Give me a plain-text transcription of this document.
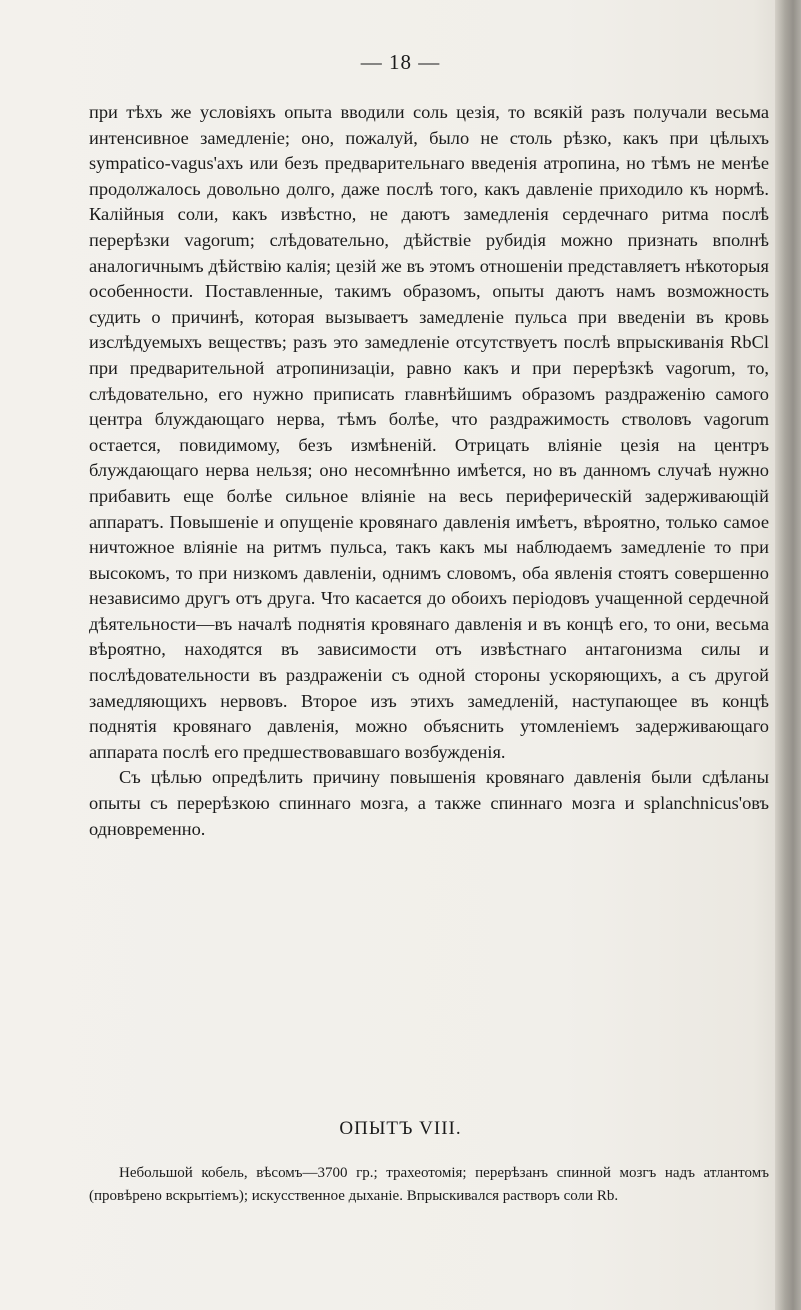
— 18 —

при тѣхъ же условіяхъ опыта вводили соль цезія, то всякій разъ получали весьма интенсивное замедленіе; оно, пожалуй, было не столь рѣзко, какъ при цѣлыхъ sympatico-vagus'ахъ или безъ предварительнаго введенія атропина, но тѣмъ не менѣе продолжалось довольно долго, даже послѣ того, какъ давленіе приходило къ нормѣ. Калійныя соли, какъ извѣстно, не даютъ замедленія сердечнаго ритма послѣ перерѣзки vagorum; слѣдовательно, дѣйствіе рубидія можно признать вполнѣ аналогичнымъ дѣйствію калія; цезій же въ этомъ отношеніи представляетъ нѣкоторыя особенности. Поставленные, такимъ образомъ, опыты даютъ намъ возможность судить о причинѣ, которая вызываетъ замедленіе пульса при введеніи въ кровь изслѣдуемыхъ веществъ; разъ это замедленіе отсутствуетъ послѣ впрыскиванія RbCl при предварительной атропинизаціи, равно какъ и при перерѣзкѣ vagorum, то, слѣдовательно, его нужно приписать главнѣйшимъ образомъ раздраженію самого центра блуждающаго нерва, тѣмъ болѣе, что раздражимость стволовъ vagorum остается, повидимому, безъ измѣненій. Отрицать вліяніе цезія на центръ блуждающаго нерва нельзя; оно несомнѣнно имѣется, но въ данномъ случаѣ нужно прибавить еще болѣе сильное вліяніе на весь периферическій задерживающій аппаратъ. Повышеніе и опущеніе кровянаго давленія имѣетъ, вѣроятно, только самое ничтожное вліяніе на ритмъ пульса, такъ какъ мы наблюдаемъ замедленіе то при высокомъ, то при низкомъ давленіи, однимъ словомъ, оба явленія стоятъ совершенно независимо другъ отъ друга. Что касается до обоихъ періодовъ учащенной сердечной дѣятельности—въ началѣ поднятія кровянаго давленія и въ концѣ его, то они, весьма вѣроятно, находятся въ зависимости отъ извѣстнаго антагонизма силы и послѣдовательности въ раздраженіи съ одной стороны ускоряющихъ, а съ другой замедляющихъ нервовъ. Второе изъ этихъ замедленій, наступающее въ концѣ поднятія кровянаго давленія, можно объяснить утомленіемъ задерживающаго аппарата послѣ его предшествовавшаго возбужденія.

Съ цѣлью опредѣлить причину повышенія кровянаго давленія были сдѣланы опыты съ перерѣзкою спиннаго мозга, а также спиннаго мозга и splanchnicus'овъ одновременно.

ОПЫТЪ VIII.

Небольшой кобель, вѣсомъ—3700 гр.; трахеотомія; перерѣзанъ спинной мозгъ надъ атлантомъ (провѣрено вскрытіемъ); искусственное дыханіе. Впрыскивался растворъ соли Rb.
